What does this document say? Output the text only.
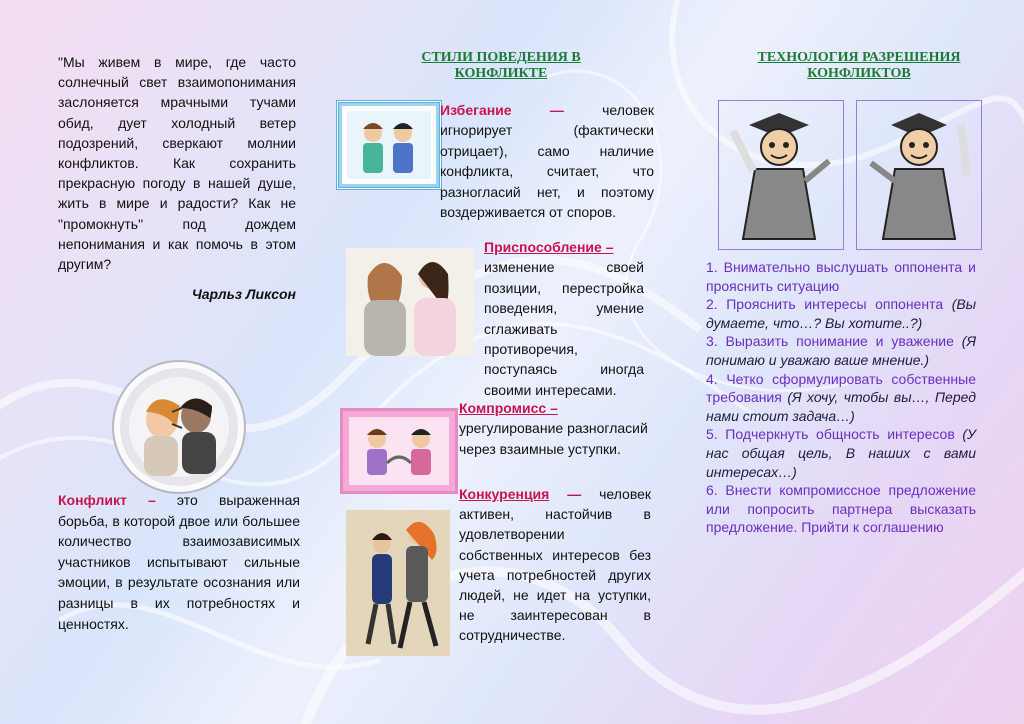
"Мы живем в мире, где часто солнечный свет взаимопонимания заслоняется мрачными тучами обид, дует холодный ветер подозрений, сверкают молнии конфликтов. Как сохранить прекрасную погоду в нашей душе, жить в мире и радости? Как не "промокнуть" под дождем непонимания и как помочь в этом другим?

Чарльз Ликсон

Конфликт – это выраженная борьба, в которой двое или большее количество взаимозависимых участников испытывают сильные эмоции, в результате осознания или разницы в их потребностях и ценностях.
СТИЛИ ПОВЕДЕНИЯ В КОНФЛИКТЕ

Избегание — человек игнорирует (фактически отрицает), само наличие конфликта, считает, что разногласий нет, и поэтому воздерживается от споров.

Приспособление –

изменение своей позиции, перестройка поведения, умение сглаживать противоречия, поступаясь иногда своими интересами.

Компромисс –

урегулирование разногласий через взаимные уступки.

Конкуренция — человек активен, настойчив в удовлетворении собственных интересов без учета потребностей других людей, не идет на уступки, не заинтересован в сотрудничестве.

ТЕХНОЛОГИЯ РАЗРЕШЕНИЯ КОНФЛИКТОВ

1. Внимательно выслушать оппонента и прояснить ситуацию

2. Прояснить интересы оппонента (Вы думаете, что…? Вы хотите..?)

3. Выразить понимание и уважение (Я понимаю и уважаю ваше мнение.)

4. Четко сформулировать собственные требования (Я хочу, чтобы вы…, Перед нами стоит задача…)

5. Подчеркнуть общность интересов (У нас общая цель, В наших с вами интересах…)

6. Внести компромиссное предложение или попросить партнера высказать предложение. Прийти к соглашению
